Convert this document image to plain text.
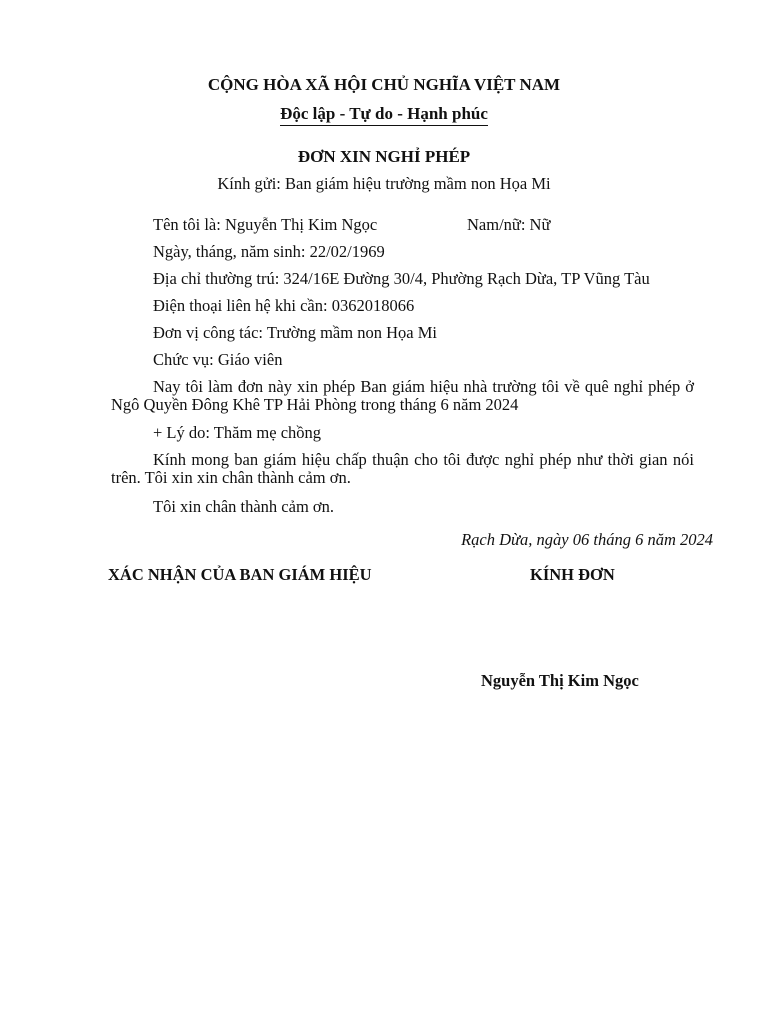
CỘNG HÒA XÃ HỘI CHỦ NGHĨA VIỆT NAM
Độc lập - Tự do - Hạnh phúc
ĐƠN XIN NGHỈ PHÉP
Kính gửi: Ban giám hiệu trường mầm non Họa Mi
Tên tôi là: Nguyễn Thị Kim Ngọc	Nam/nữ: Nữ
Ngày, tháng, năm sinh: 22/02/1969
Địa chỉ thường trú: 324/16E Đường 30/4, Phường Rạch Dừa, TP Vũng Tàu
Điện thoại liên hệ khi cần: 0362018066
Đơn vị công tác: Trường mầm non Họa Mi
Chức vụ: Giáo viên
Nay tôi làm đơn này xin phép Ban giám hiệu nhà trường tôi về quê nghỉ phép ở Ngô Quyền Đông Khê TP Hải Phòng trong tháng 6 năm 2024
+ Lý do: Thăm mẹ chồng
Kính mong ban giám hiệu chấp thuận cho tôi được nghỉ phép như thời gian nói trên. Tôi xin xin chân thành cảm ơn.
Tôi xin chân thành cảm ơn.
Rạch Dừa, ngày 06 tháng 6 năm 2024
XÁC NHẬN CỦA BAN GIÁM HIỆU	KÍNH ĐƠN
Nguyễn Thị Kim Ngọc
